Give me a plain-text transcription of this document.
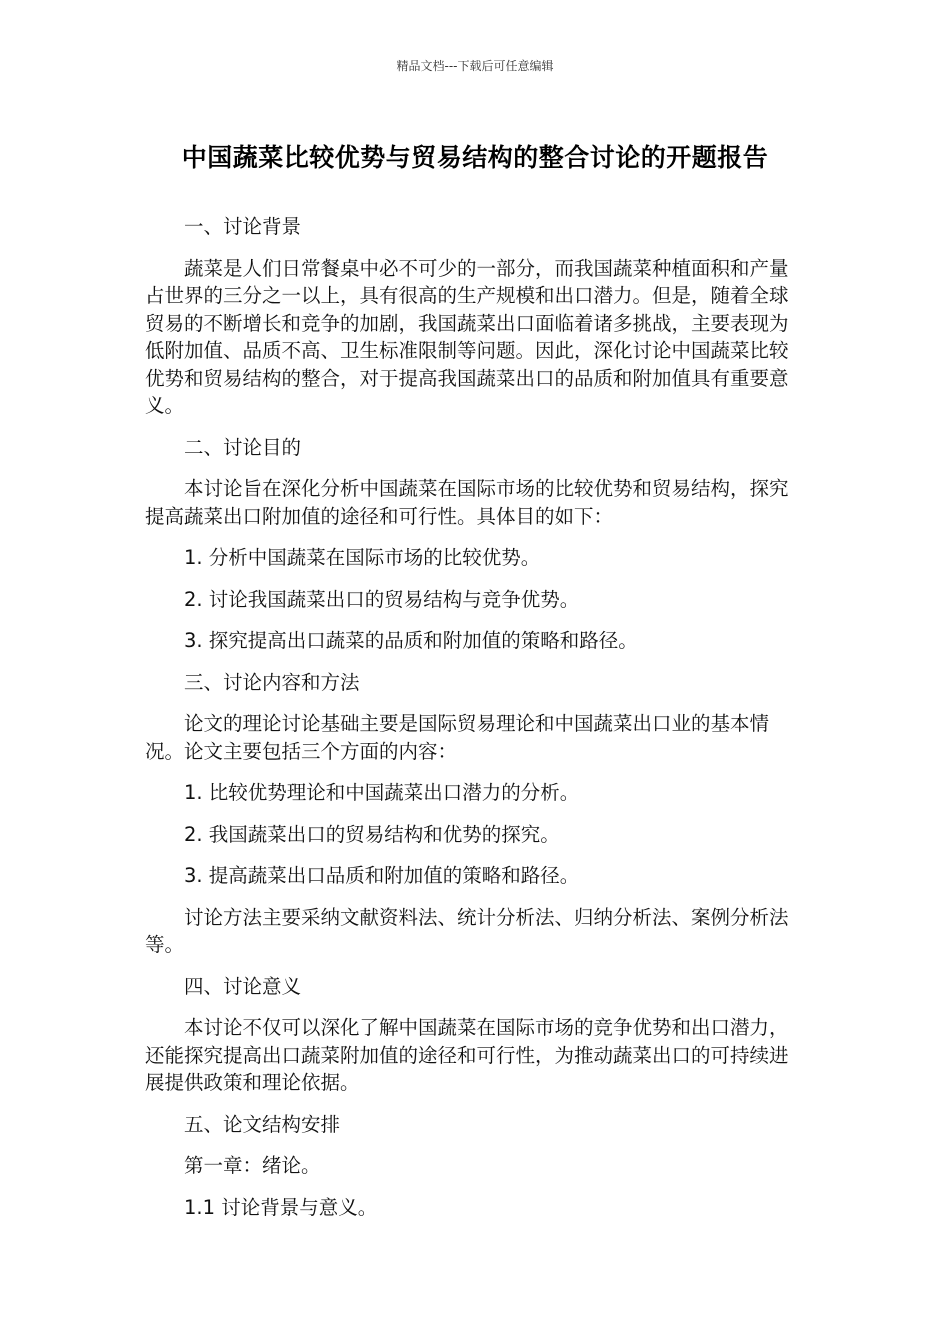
精品文档---下载后可任意编辑
中国蔬菜比较优势与贸易结构的整合讨论的开题报告

一、讨论背景

蔬菜是人们日常餐桌中必不可少的一部分，而我国蔬菜种植面积和产量占世界的三分之一以上，具有很高的生产规模和出口潜力。但是，随着全球贸易的不断增长和竞争的加剧，我国蔬菜出口面临着诸多挑战，主要表现为低附加值、品质不高、卫生标准限制等问题。因此，深化讨论中国蔬菜比较优势和贸易结构的整合，对于提高我国蔬菜出口的品质和附加值具有重要意义。

二、讨论目的

本讨论旨在深化分析中国蔬菜在国际市场的比较优势和贸易结构，探究提高蔬菜出口附加值的途径和可行性。具体目的如下：

1. 分析中国蔬菜在国际市场的比较优势。

2. 讨论我国蔬菜出口的贸易结构与竞争优势。

3. 探究提高出口蔬菜的品质和附加值的策略和路径。

三、讨论内容和方法

论文的理论讨论基础主要是国际贸易理论和中国蔬菜出口业的基本情况。论文主要包括三个方面的内容：

1. 比较优势理论和中国蔬菜出口潜力的分析。

2. 我国蔬菜出口的贸易结构和优势的探究。

3. 提高蔬菜出口品质和附加值的策略和路径。

讨论方法主要采纳文献资料法、统计分析法、归纳分析法、案例分析法等。

四、讨论意义

本讨论不仅可以深化了解中国蔬菜在国际市场的竞争优势和出口潜力，还能探究提高出口蔬菜附加值的途径和可行性，为推动蔬菜出口的可持续进展提供政策和理论依据。

五、论文结构安排

第一章：绪论。

1.1 讨论背景与意义。
